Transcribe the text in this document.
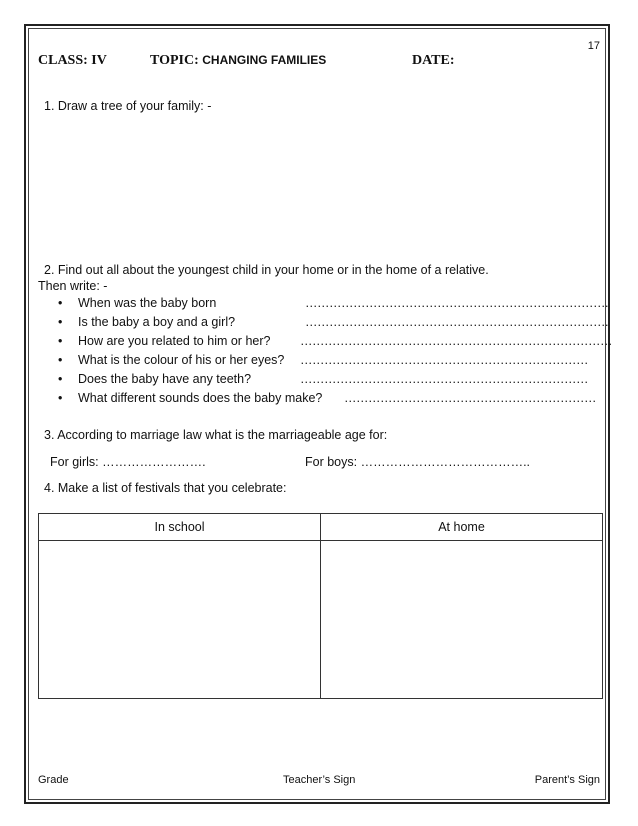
17
CLASS: IV	TOPIC: CHANGING FAMILIES	DATE:
1. Draw a tree of your family: -
2. Find out all about the youngest child in your home or in the home of a relative.
Then write: -
• When was the baby born	………………………………………………………………….
• Is the baby a boy and a girl?	………………………………………………………………….
• How are you related to him or her? ……………………………………………………………………
• What is the colour of his or her eyes? ………………………………………………………………
• Does the baby have any teeth?	………………………………………………………………
• What different sounds does the baby make? ………………………………………………………
3. According to marriage law what is the marriageable age for:
For girls: …………………….	For boys: …………………………………..
4. Make a list of festivals that you celebrate:
In school	At home

Grade	Teacher’s Sign	Parent’s Sign
